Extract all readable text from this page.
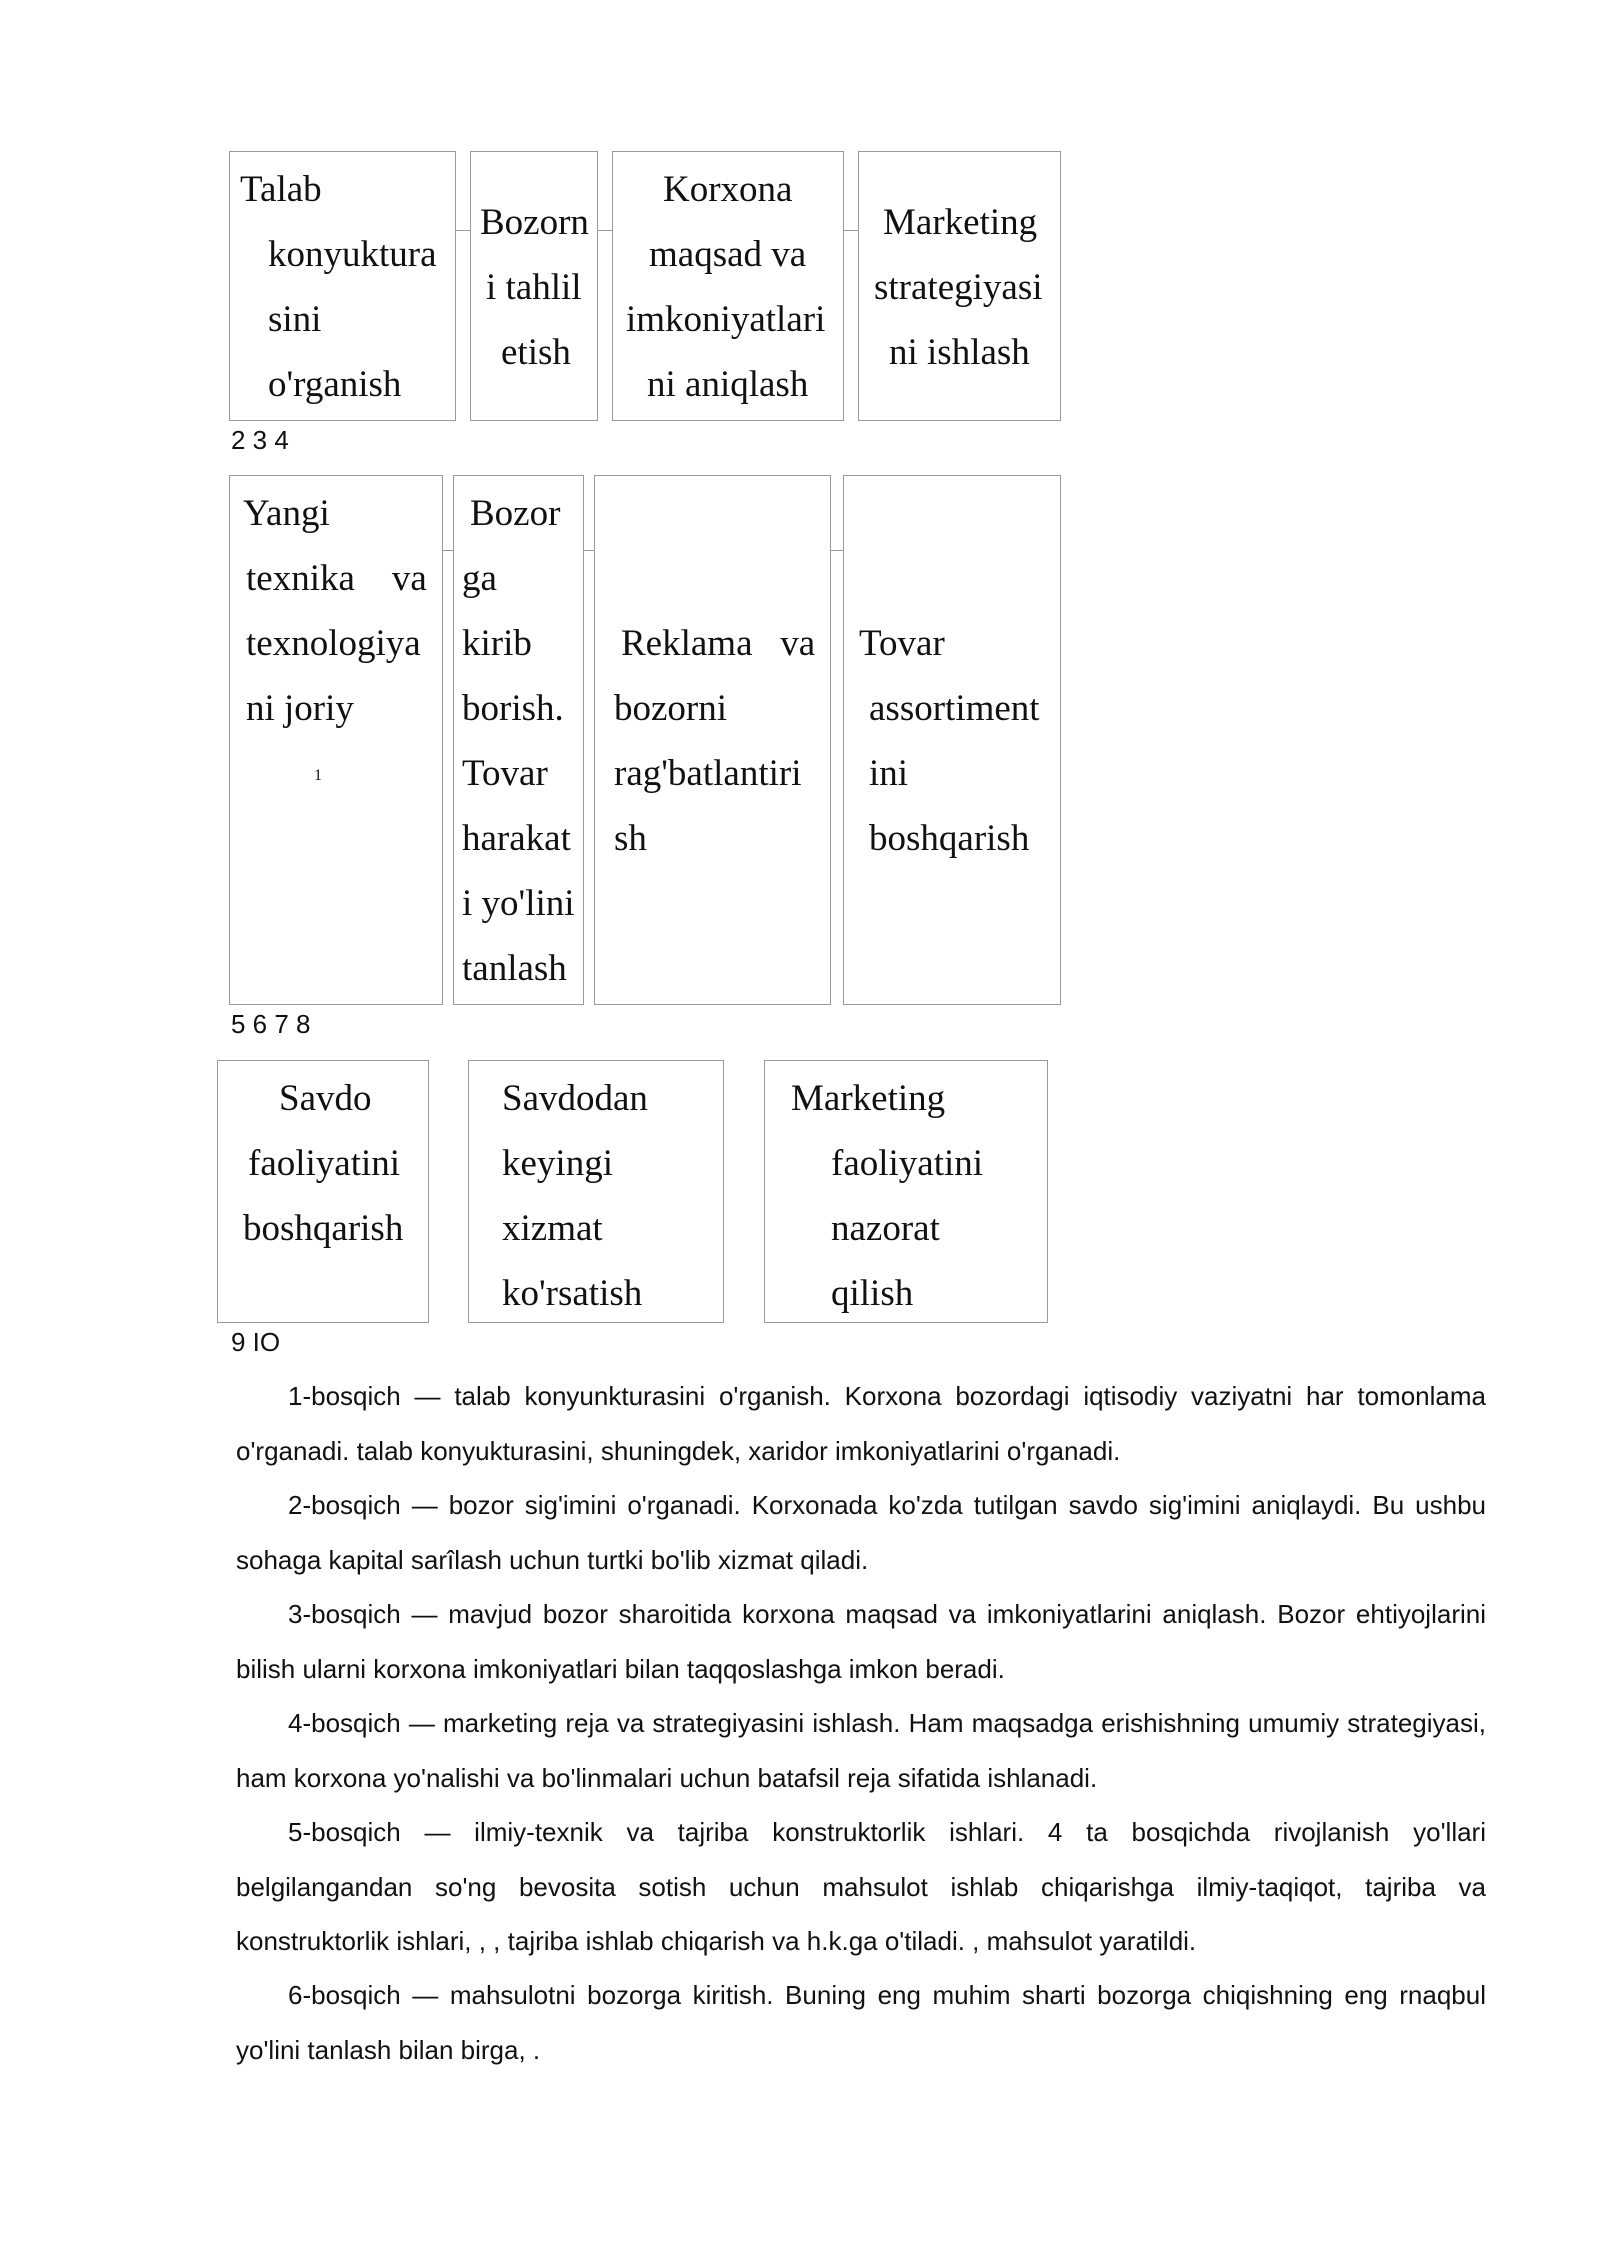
Talab
konyuktura
sini
o'rganish
Bozorn
i tahlil
etish
Korxona
maqsad va
imkoniyatlari
ni aniqlash
Marketing
strategiyasi
ni ishlash
2 3 4
Yangi
texnika    va
texnologiya
ni joriy
1
Bozor
ga
kirib
borish.
Tovar
harakat
i yo'lini
tanlash
Reklama   va
bozorni
rag'batlantiri
sh
Tovar
assortiment
ini
boshqarish
5 6 7 8
Savdo
faoliyatini
boshqarish
Savdodan
keyingi
xizmat
ko'rsatish
Marketing
faoliyatini
nazorat
qilish
9 IO
1-bosqich — talab konyunkturasini o'rganish. Korxona bozordagi iqtisodiy vaziyatni har tomonlama o'rganadi. talab konyukturasini, shuningdek, xaridor imkoniyatlarini o'rganadi.
2-bosqich — bozor sig'imini o'rganadi. Korxonada ko'zda tutilgan savdo sig'imini aniqlaydi. Bu ushbu sohaga kapital sarîlash uchun turtki bo'lib xizmat qiladi.
3-bosqich — mavjud bozor sharoitida korxona maqsad va imkoniyatlarini aniqlash. Bozor ehtiyojlarini bilish ularni korxona imkoniyatlari bilan taqqoslashga imkon beradi.
4-bosqich — marketing reja va strategiyasini ishlash. Ham maqsadga erishishning umumiy strategiyasi, ham korxona yo'nalishi va bo'linmalari uchun batafsil reja sifatida ishlanadi.
5-bosqich — ilmiy-texnik va tajriba konstruktorlik ishlari. 4 ta bosqichda rivojlanish yo'llari belgilangandan so'ng bevosita sotish uchun mahsulot ishlab chiqarishga ilmiy-taqiqot, tajriba va konstruktorlik ishlari, , , tajriba ishlab chiqarish va h.k.ga o'tiladi. , mahsulot yaratildi.
6-bosqich — mahsulotni bozorga kiritish. Buning eng muhim sharti bozorga chiqishning eng rnaqbul yo'lini tanlash bilan birga, .
